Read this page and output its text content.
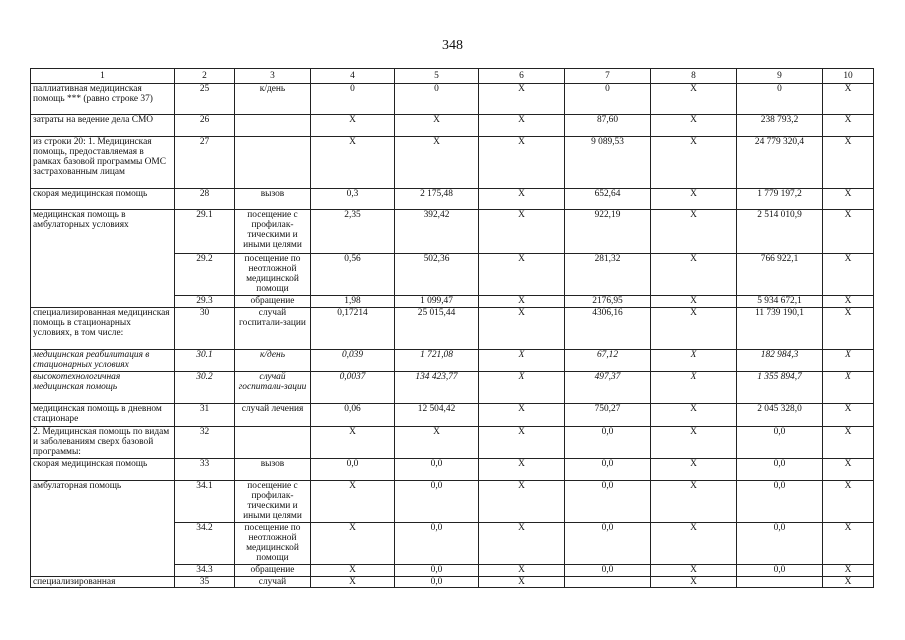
348
1	2	3	4	5	6	7	8	9	10
паллиативная медицинская помощь *** (равно строке 37)	25	к/день	0	0	Х	0	Х	0	Х
затраты на ведение дела СМО	26		Х	Х	Х	87,60	Х	238 793,2	Х
из строки 20: 1. Медицинская помощь, предоставляемая в рамках базовой программы ОМС застрахованным лицам	27		Х	Х	Х	9 089,53	Х	24 779 320,4	Х
скорая медицинская помощь	28	вызов	0,3	2 175,48	Х	652,64	Х	1 779 197,2	Х
медицинская помощь в амбулаторных условиях	29.1	посещение с профилак-тическими и иными целями	2,35	392,42	Х	922,19	Х	2 514 010,9	Х
	29.2	посещение по неотложной медицинской помощи	0,56	502,36	Х	281,32	Х	766 922,1	Х
	29.3	обращение	1,98	1 099,47	Х	2176,95	Х	5 934 672,1	Х
специализированная медицинская помощь в стационарных условиях, в том числе:	30	случай госпитали-зации	0,17214	25 015,44	Х	4306,16	Х	11 739 190,1	Х
медицинская реабилитация в стационарных условиях	30.1	к/день	0,039	1 721,08	Х	67,12	Х	182 984,3	Х
высокотехнологичная медицинская помощь	30.2	случай госпитали-зации	0,0037	134 423,77	Х	497,37	Х	1 355 894,7	Х
медицинская помощь в дневном стационаре	31	случай лечения	0,06	12 504,42	Х	750,27	Х	2 045 328,0	Х
2. Медицинская помощь по видам и заболеваниям сверх базовой программы:	32		Х	Х	Х	0,0	Х	0,0	Х
скорая медицинская помощь	33	вызов	0,0	0,0	Х	0,0	Х	0,0	Х
амбулаторная помощь	34.1	посещение с профилак-тическими и иными целями	Х	0,0	Х	0,0	Х	0,0	Х
	34.2	посещение по неотложной медицинской помощи	Х	0,0	Х	0,0	Х	0,0	Х
	34.3	обращение	Х	0,0	Х	0,0	Х	0,0	Х
специализированная	35	случай	Х	0,0	Х		Х		Х
